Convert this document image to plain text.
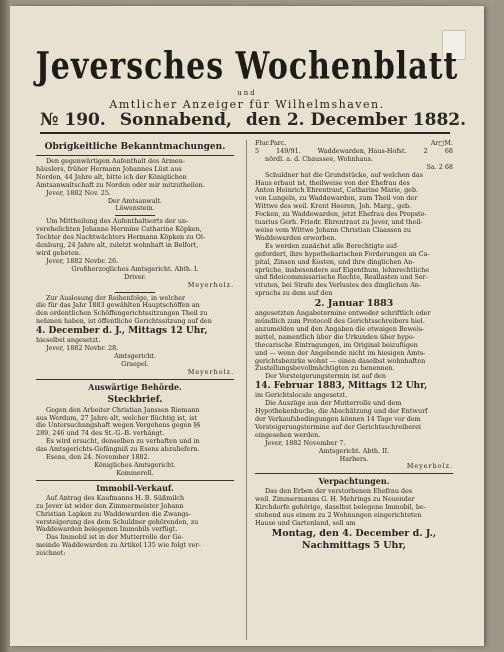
Jeversches Wochenblatt
und
Amtlicher Anzeiger für Wilhelmshaven.
№ 190. Sonnabend, den 2. December 1882.
Obrigkeitliche Bekanntmachungen.
Den gegenwärtigen Aufenthalt des Armen-
häuslers, früher Hermann Johannes Lüst aus
Norden, 44 Jahre alt, bitte ich der Königlichen
Amtsanwaltschaft zu Norden oder mir mitzutheilen.
Jever, 1882 Nov. 25.
Der Amtsanwalt.
Löwenstein.
Um Mittheilung des Aufenthaltsorts der un-
verehelichten Johanne Hermine Catharine Köpken,
Tochter des Nachtwächters Hermann Köpken zu Ol-
denburg, 24 Jahre alt, zuletzt wohnhaft in Belfort,
wird gebeten.
Jever, 1882 Novbr. 26.
Großherzogliches Amtsgericht. Abth. I.
Driver.
Meyerholz.
Zur Auslosung der Reihenfolge, in welcher
die für das Jahr 1883 gewählten Hauptschöffen an
den ordentlichen Schöffengerichtssitzungen Theil zu
nehmen haben, ist öffentliche Gerichtssitzung auf den
4. December d. J., Mittags 12 Uhr,
hieselbst angesetzt.
Jever, 1882 Novbr. 28.
Amtsgericht.
Graepel.
Meyerholz.
Auswärtige Behörde.
Steckbrief.
Gegen den Arbeiter Christian Janssen Riemann
aus Werdum, 27 Jahre alt, welcher flüchtig ist, ist
die Untersuchungshaft wegen Vergehens gegen §§
289, 246 und 74 des St.-G.-B. verhängt.
Es wird ersucht, denselben zu verhaften und in
das Amtsgerichts-Gefängniß zu Esens abzuliefern.
Esens, den 24. November 1882.
Königliches Amtsgericht.
Kommerell.
Immobil-Verkauf.
Auf Antrag des Kaufmanns H. B. Süßmilch
zu Jever ist wider den Zimmermeister Johann
Christian Lapken zu Waddewarden die Zwangs-
versteigerung des dem Schuldner gehörenden, zu
Waddewarden belegenen Immobils verfügt.
Das Immobil ist in der Mutterrolle der Ge-
meinde Waddewarden zu Artikel 135 wie folgt ver-
zeichnet:
Flur. Parc.	Ar □M.
5	149/91.	Waddewarden, Haus-Hofst.	2	68
nördl. a. d. Chaussee, Wohnhaus.
Sa. 2 68
Schuldner hat die Grundstücke, auf welchen das
Haus erbaut ist, theilweise von der Ehefrau des
Anton Heinrich Ehrentraut, Catharine Marie, geb.
von Lungeln, zu Waddewarden, zum Theil von der
Wittwe des weil. Krent Heeren, Joh. Marg., geb.
Focken, zu Waddewarden, jetzt Ehefrau des Propste-
tuarius Gerh. Friedr. Ehrentraut zu Jever, und theil-
weise vom Wittwe Johann Christian Claassen zu
Waddewarden erworben.
Es werden zunächst alle Berechtigte auf-
gefordert, ihre hypothekarischen Forderungen an Ca-
pital, Zinsen und Kosten, und ihre dinglichen An-
sprüche, insbesondere auf Eigenthum, lehnrechtliche
und fideicommissarische Rechte, Reallasten und Ser-
vituten, bei Strafe des Verlustes des dinglichen An-
spruchs zu dem auf den
2. Januar 1883
angesetzten Angabetermine entweder schriftlich oder
mündlich zum Protocoll des Gerichtsschreibers hiel.
anzumelden und den Angaben die etwaigen Beweis-
mittel, namentlich über die Urkunden über hypo-
thecarische Eintragungen, im Original beizufügen
und — wenn der Angebende nicht im hiesigen Amts-
gerichtsbezirke wohnt — einen daselbst wohnhaften
Zustellungsbevollmächtigten zu benennen.
Der Versteigerungstermin ist auf den
14. Februar 1883, Mittags 12 Uhr,
im Gerichtslocale angesetzt.
Die Auszüge aus der Mutterrolle und dem
Hypothekenbuche, die Abschätzung und der Entwurf
der Verkaufsbedingungen können 14 Tage vor dem
Versteigerungstermine auf der Gerichtsschreiberei
eingesehen werden.
Jever, 1882 November 7.
Amtsgericht. Abth. II.
Harbers.
Meyerholz.
Verpachtungen.
Das den Erben der verstorbenen Ehefrau des
weil. Zimmermanns G. H. Mehrings zu Neuender
Kirchdorfe gehörige, daselbst belegene Immobil, be-
stehend aus einem zu 2 Wohnungen eingerichteten
Hause und Gartenland, soll am
Montag, den 4. December d. J.,
Nachmittags 5 Uhr,
